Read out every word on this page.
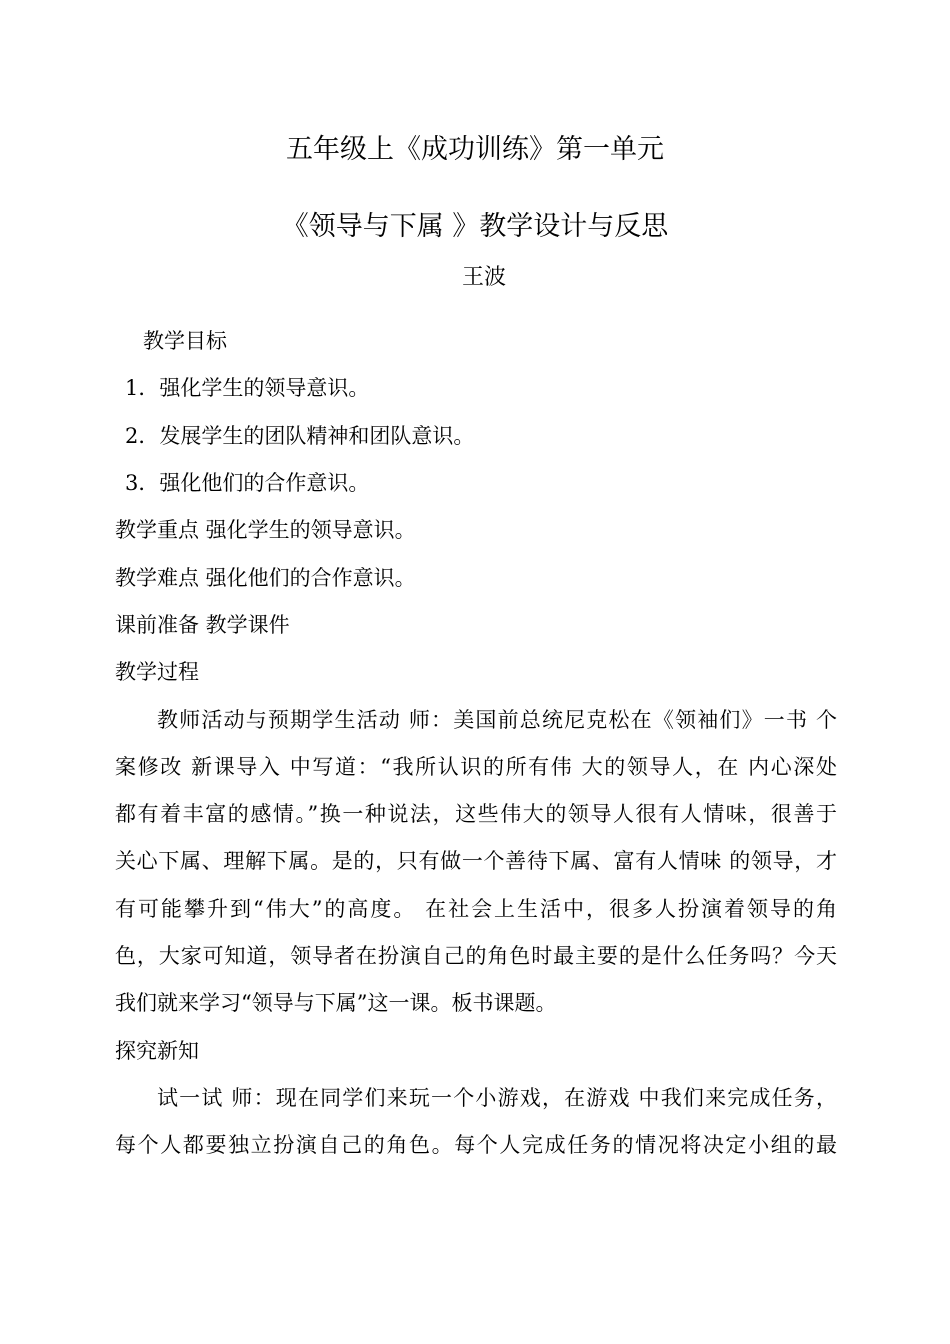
五年级上《成功训练》第一单元
《领导与下属 》教学设计与反思
王波
教学目标
1．强化学生的领导意识。
2．发展学生的团队精神和团队意识。
3．强化他们的合作意识。
教学重点 强化学生的领导意识。
教学难点 强化他们的合作意识。
课前准备 教学课件
教学过程
教师活动与预期学生活动 师：美国前总统尼克松在《领袖们》一书 个
案修改 新课导入 中写道：“我所认识的所有伟 大的领导人，在 内心深处
都有着丰富的感情。”换一种说法，这些伟大的领导人很有人情味，很善于
关心下属、理解下属。是的，只有做一个善待下属、富有人情味 的领导，才
有可能攀升到“伟大”的高度。 在社会上生活中，很多人扮演着领导的角
色，大家可知道，领导者在扮演自己的角色时最主要的是什么任务吗？今天
我们就来学习“领导与下属”这一课。板书课题。
探究新知
试一试 师：现在同学们来玩一个小游戏，在游戏 中我们来完成任务，
每个人都要独立扮演自己的角色。每个人完成任务的情况将决定小组的最
